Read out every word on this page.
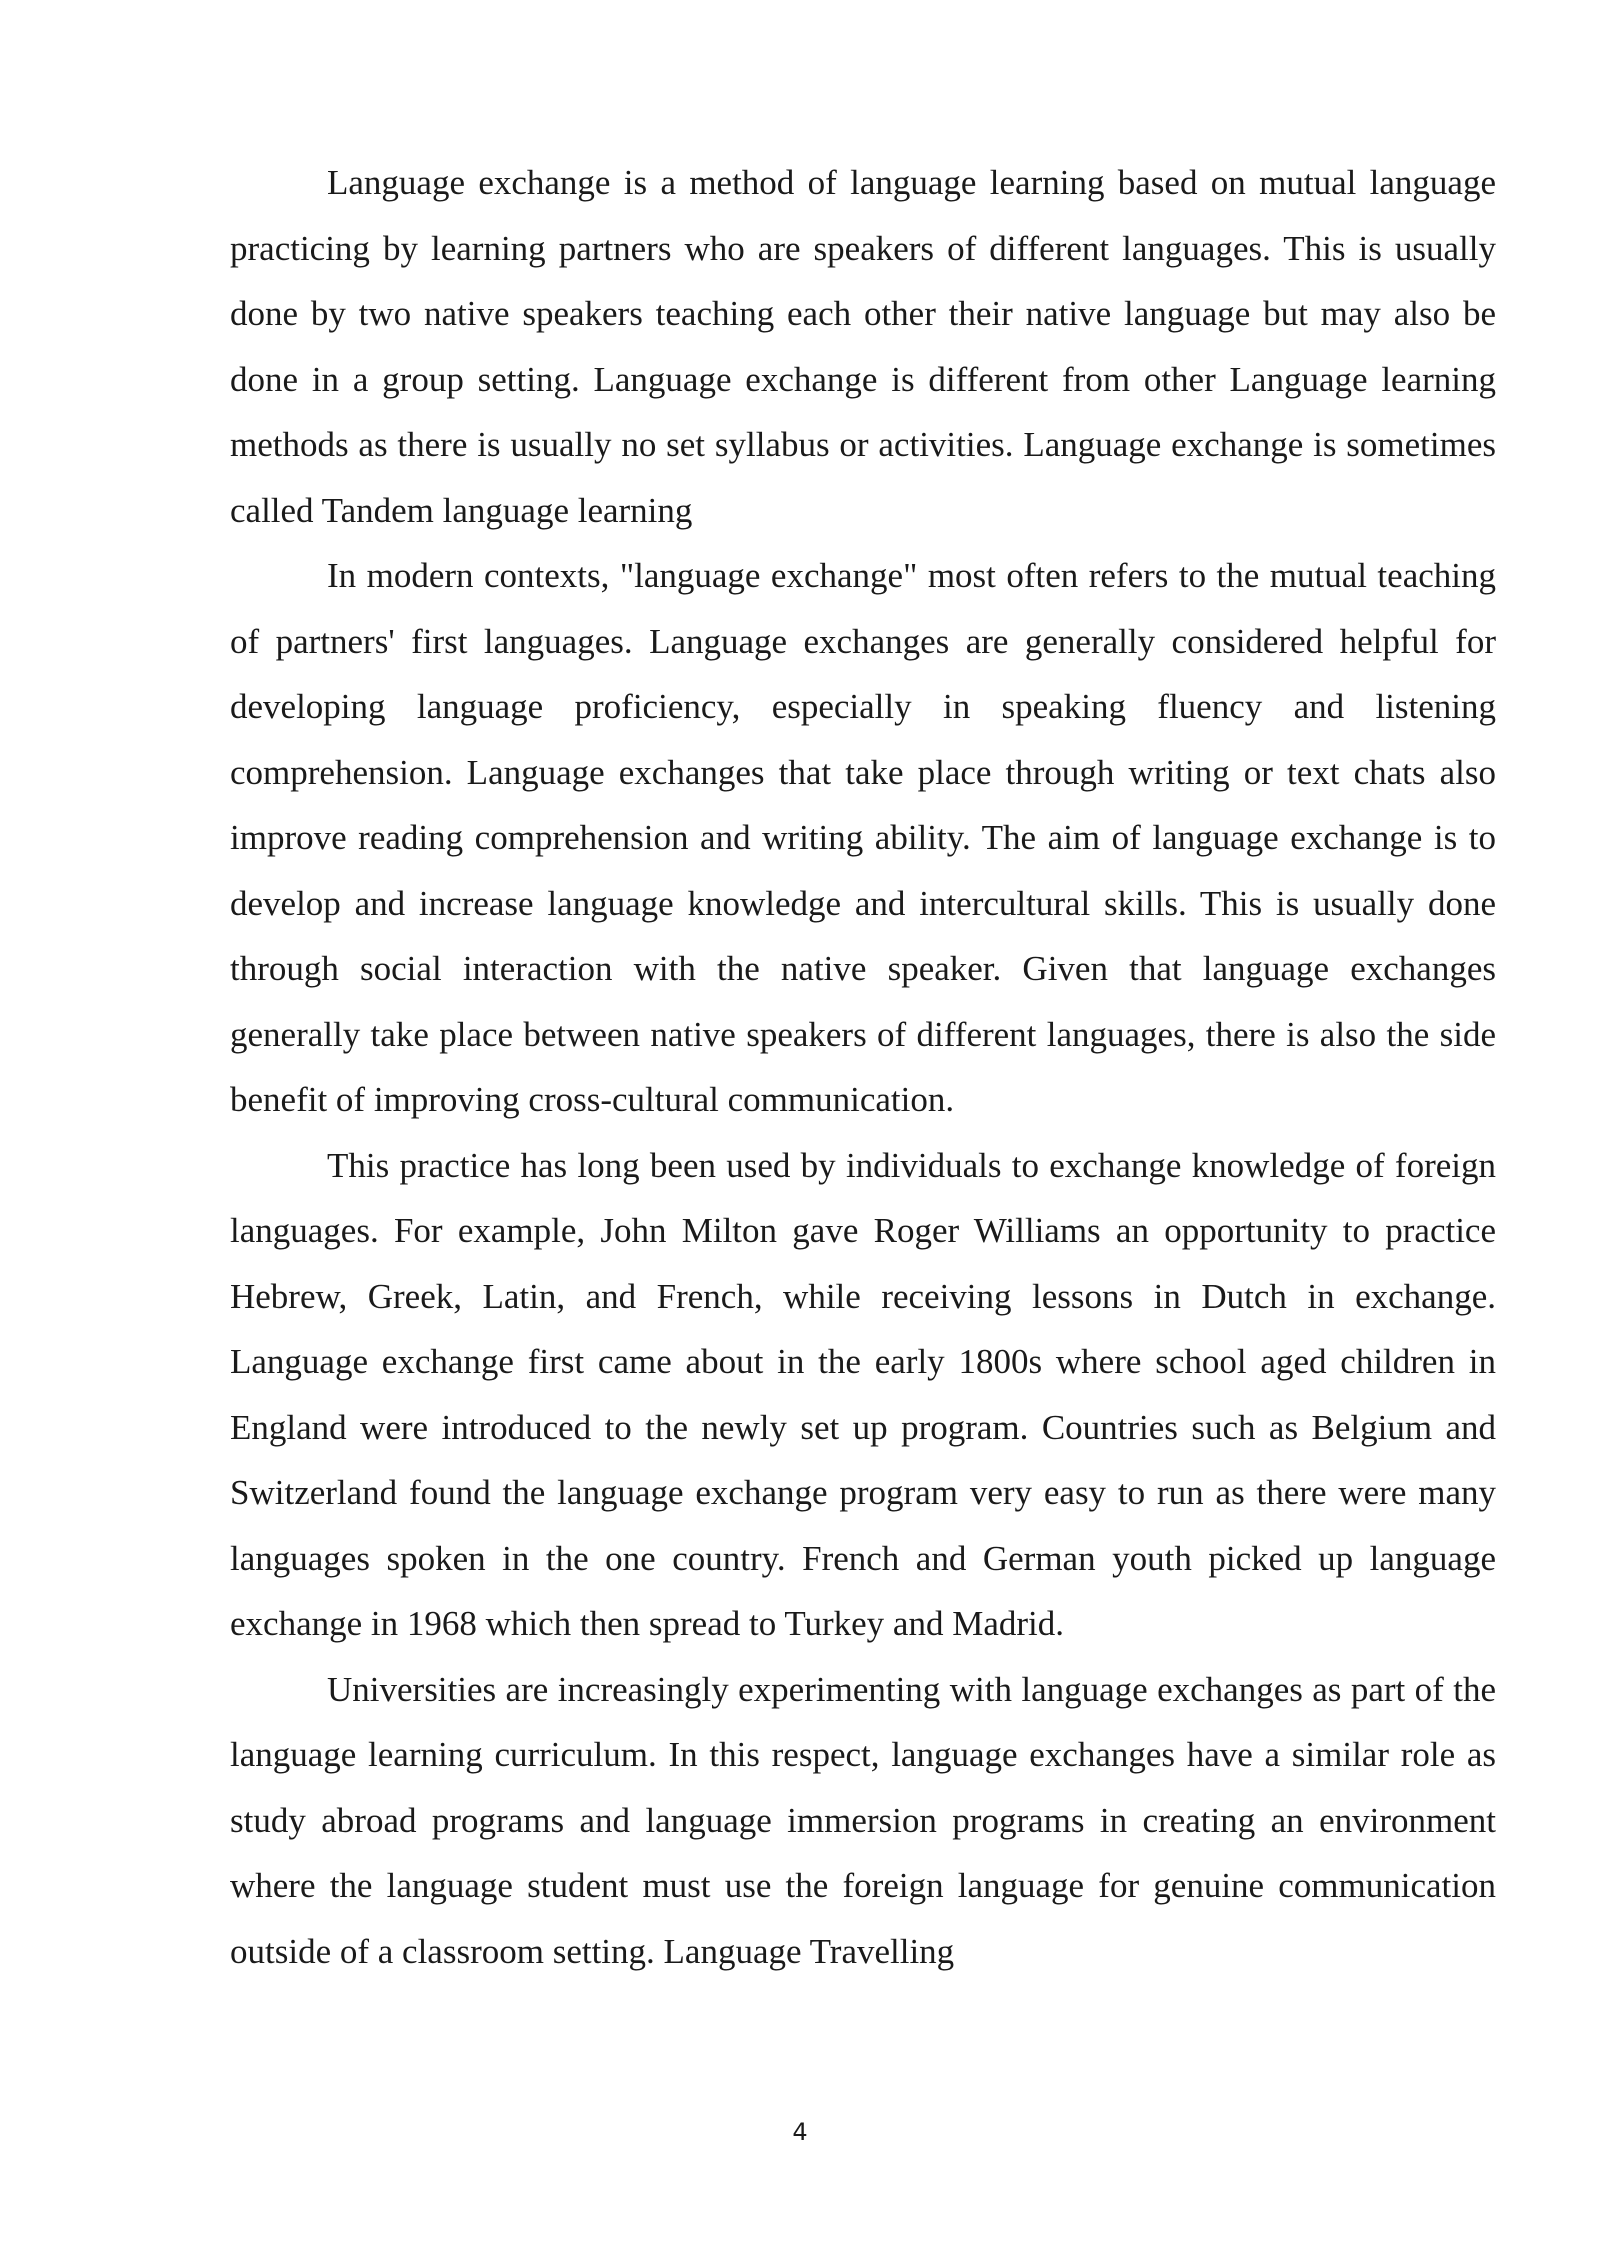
Language exchange is a method of language learning based on mutual language practicing by learning partners who are speakers of different languages. This is usually done by two native speakers teaching each other their native language but may also be done in a group setting. Language exchange is different from other Language learning methods as there is usually no set syllabus or activities. Language exchange is sometimes called Tandem language learning

In modern contexts, "language exchange" most often refers to the mutual teaching of partners' first languages. Language exchanges are generally considered helpful for developing language proficiency, especially in speaking fluency and listening comprehension. Language exchanges that take place through writing or text chats also improve reading comprehension and writing ability. The aim of language exchange is to develop and increase language knowledge and intercultural skills. This is usually done through social interaction with the native speaker. Given that language exchanges generally take place between native speakers of different languages, there is also the side benefit of improving cross-cultural communication.

This practice has long been used by individuals to exchange knowledge of foreign languages. For example, John Milton gave Roger Williams an opportunity to practice Hebrew, Greek, Latin, and French, while receiving lessons in Dutch in exchange. Language exchange first came about in the early 1800s where school aged children in England were introduced to the newly set up program. Countries such as Belgium and Switzerland found the language exchange program very easy to run as there were many languages spoken in the one country. French and German youth picked up language exchange in 1968 which then spread to Turkey and Madrid.

Universities are increasingly experimenting with language exchanges as part of the language learning curriculum. In this respect, language exchanges have a similar role as study abroad programs and language immersion programs in creating an environment where the language student must use the foreign language for genuine communication outside of a classroom setting. Language Travelling

4
